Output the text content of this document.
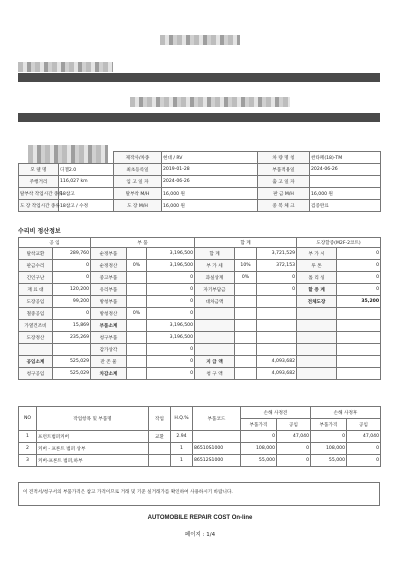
		제작사/차종	현대 / RV	차 량 명 칭	싼타페(18)-TM
모 델 명	디젤2.0	최초등록일	2019-01-28	부품적용일	2024-06-26
주행거리	116,027 km	입 고 일 자	2024-06-26	출 고 일 자	
탈부착 작업시간 종류	18참고	탈부착 M/H	16,000 원	판 금 M/H	16,000 원
도 장 작업시간 종류	18참고 / 수정	도 장 M/H	16,000 원	중 복 체 크	검증완료
수리비 정산정보
공 임		부 품			합 계			도장할증(M2F-2코트)	
탈착교환	289,760	순정부품		3,196,500	합 계		3,721,529	부 가 시	0
판금수리	0	순정정산	0%	3,196,500	부 가 세	10%	372,153	투 톤	0
긴인구난	0	중고부품		0	과실상계	0%	0	톨 리 싱	0
재 료 대	120,200	유리부품		0	자기부담금		0	할 증 계	0
도장공임	99,200	방청부품		0	대차금액			전체도장	35,200
철중공임	0	방청정산	0%	0					
가열건조비	15,869	부품소계		3,196,500					
도장정산	235,269	청구부품		3,196,500					
		감가상각		0					
공임소계	525,029	잔 존 물		0	지 급 액		4,093,682		
청구공임	525,029	차감소계		0	청 구 액		4,093,682		
NO	작업항목 및 부품명	작업	H.Q.%	부품코드	손해 사정견		손해 사정후	
					부품가격	공임	부품가격	공임
1	프런트범퍼커버	교환	2.94		0	47,040	0	47,040
2	커버 - 프론트 범퍼 상부		1	86510S1000	108,000	0	108,000	0
3	커버-프론트 범퍼,하부		1	86512S1000	55,000	0	55,000	0
이 견적서/청구서의 부품가격은 참고 가격이므로 거래 및 기준 실거래가를 확인하여 사용하시기 바랍니다.
AUTOMOBILE REPAIR COST On-line
페이지 : 1/4
